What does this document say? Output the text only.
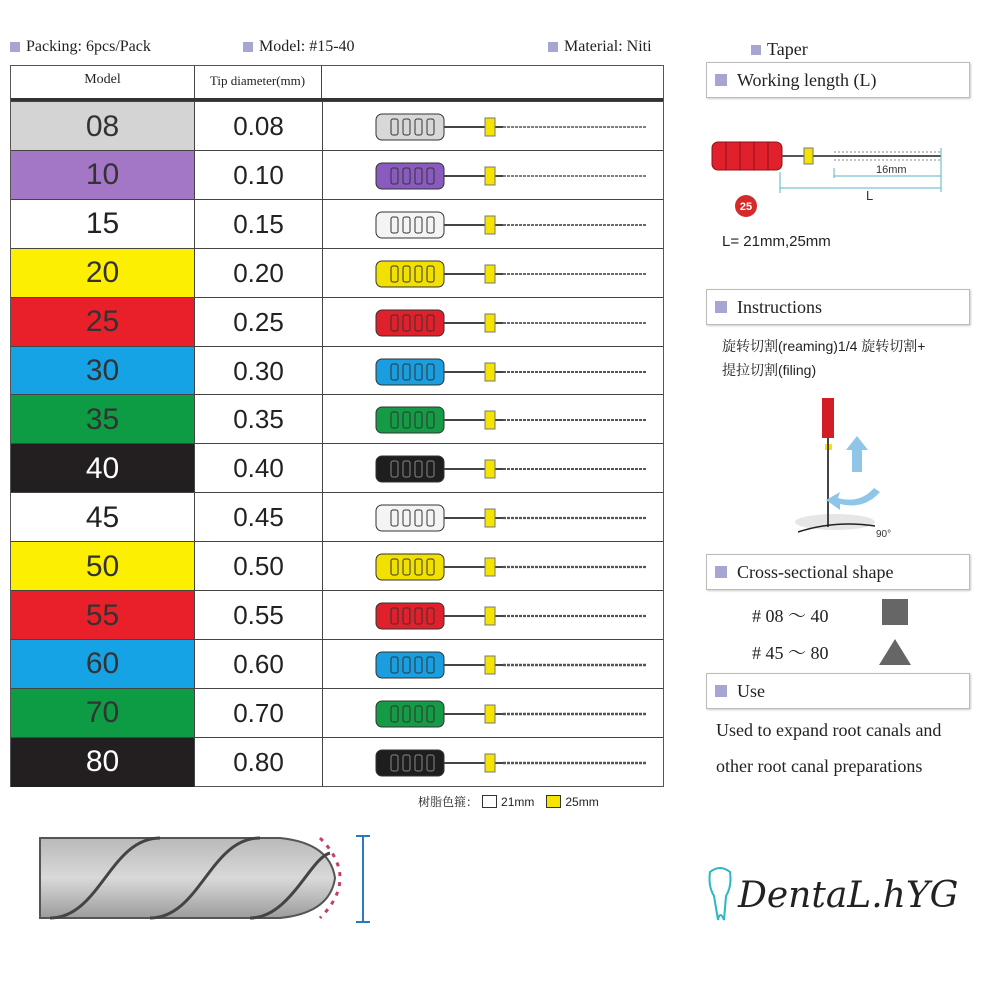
Packing: 6pcs/Pack	Model: #15-40	Material: Niti	Taper
Model	Tip diameter(mm)
08	0.08
10	0.10
15	0.15
20	0.20
25	0.25
30	0.30
35	0.35
40	0.40
45	0.45
50	0.50
55	0.55
60	0.60
70	0.70
80	0.80
树脂色箍： 21mm	25mm
Working length (L)
16mm
L
25
L= 21mm,25mm
Instructions
旋转切割(reaming)1/4 旋转切割+
提拉切割(filing)
90°
Cross-sectional shape
# 08 ～ 40
# 45 ～ 80
Use
Used to expand root canals and
other root canal preparations
DentaL.hYG
